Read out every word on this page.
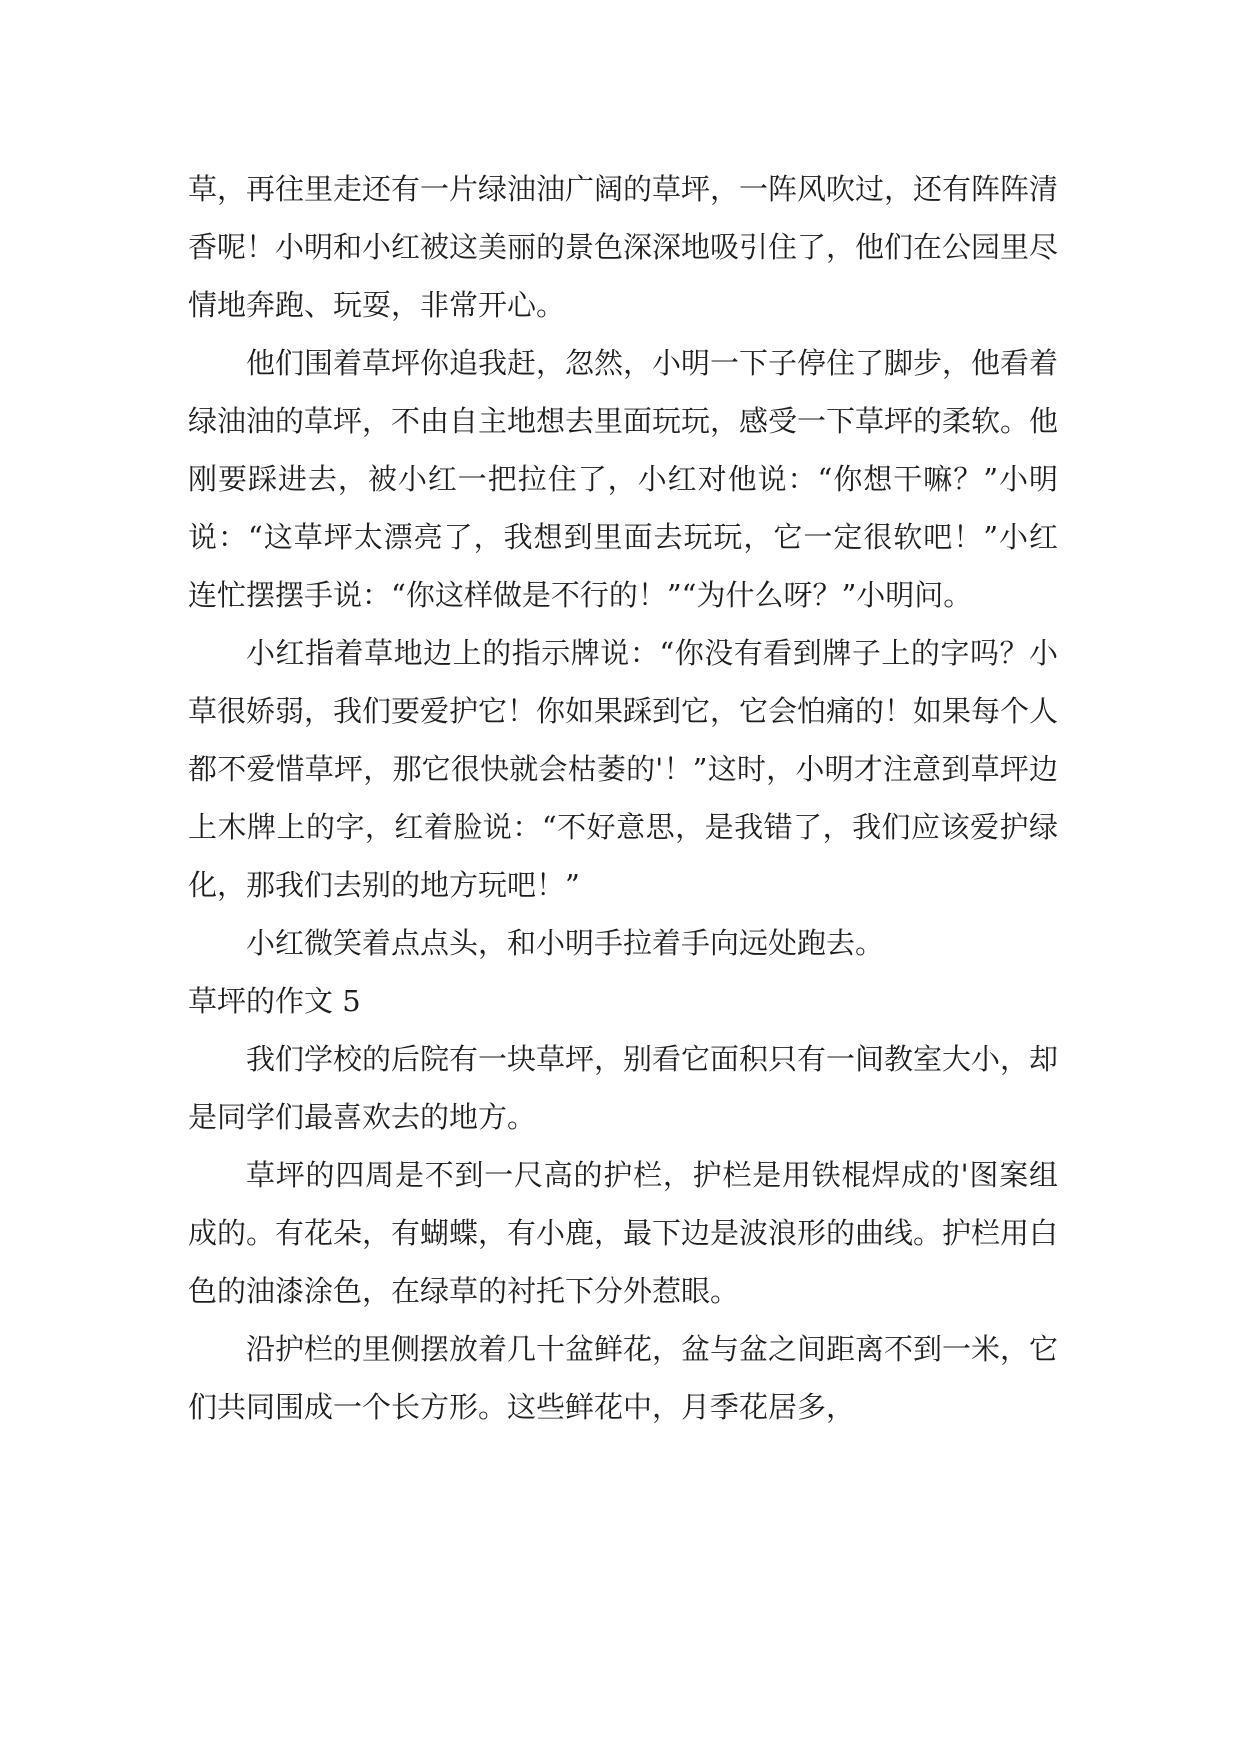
草，再往里走还有一片绿油油广阔的草坪，一阵风吹过，还有阵阵清香呢！小明和小红被这美丽的景色深深地吸引住了，他们在公园里尽情地奔跑、玩耍，非常开心。

他们围着草坪你追我赶，忽然，小明一下子停住了脚步，他看着绿油油的草坪，不由自主地想去里面玩玩，感受一下草坪的柔软。他刚要踩进去，被小红一把拉住了，小红对他说：“你想干嘛？”小明说：“这草坪太漂亮了，我想到里面去玩玩，它一定很软吧！”小红连忙摆摆手说：“你这样做是不行的！”“为什么呀？”小明问。

小红指着草地边上的指示牌说：“你没有看到牌子上的字吗？小草很娇弱，我们要爱护它！你如果踩到它，它会怕痛的！如果每个人都不爱惜草坪，那它很快就会枯萎的'！”这时，小明才注意到草坪边上木牌上的字，红着脸说：“不好意思，是我错了，我们应该爱护绿化，那我们去别的地方玩吧！”

小红微笑着点点头，和小明手拉着手向远处跑去。

草坪的作文 5

我们学校的后院有一块草坪，别看它面积只有一间教室大小，却是同学们最喜欢去的地方。

草坪的四周是不到一尺高的护栏，护栏是用铁棍焊成的'图案组成的。有花朵，有蝴蝶，有小鹿，最下边是波浪形的曲线。护栏用白色的油漆涂色，在绿草的衬托下分外惹眼。

沿护栏的里侧摆放着几十盆鲜花，盆与盆之间距离不到一米，它们共同围成一个长方形。这些鲜花中，月季花居多，
